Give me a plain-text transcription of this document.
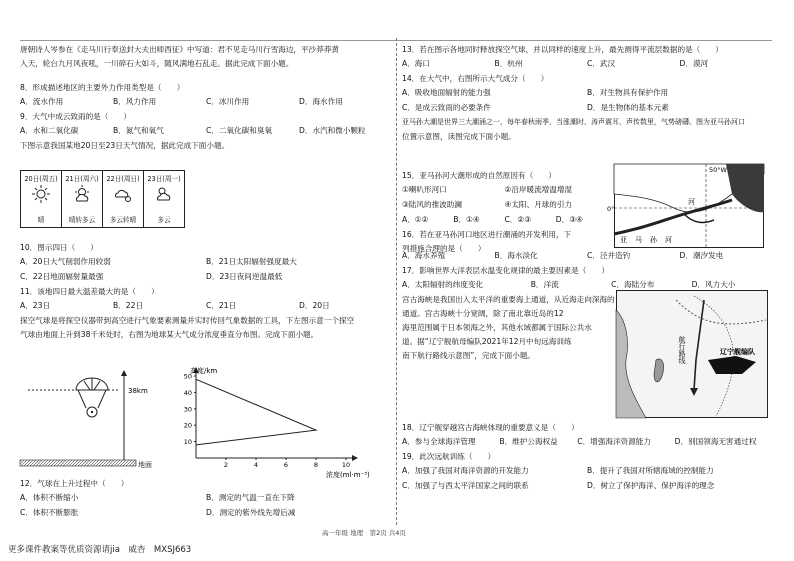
唐朝诗人岑参在《走马川行奉送封大夫出师西征》中写道：君不见走马川行雪海边，平沙莽莽黄

入天，轮台九月风夜吼，一川碎石大如斗，随风满地石乱走。据此完成下面小题。

8．形成描述地区的主要外力作用类型是（　　）

A．流水作用	B．风力作用	C．冰川作用	D．海水作用

9．大气中成云致雨的是（　　）

A．水和二氧化碳	B．氮气和氧气	C．二氧化碳和臭氧	D．水汽和微小颗粒

下图示意我国某地20日至23日天气情况，据此完成下面小题。

20日(周五)
晴
21日(周六)
晴转多云
22日(周日)
多云转晴
23日(周一)
多云

10．图示四日（　　）

A．20日大气削弱作用较弱	B．21日太阳辐射强度最大
C．22日地面辐射量最强	D．23日夜间逆温最低

11．该地四日最大温差最大的是（　　）

A．23日	B．22日	C．21日	D．20日

探空气球是将探空仪器带到高空进行气象要素测量并实时传回气象数据的工具，下左图示意一个探空

气球由地面上升到38千米处时，右图为地球某大气成分浓度垂直分布图。完成下面小题。

38km
地面
10
20
30
40
50
2	4	6	8	10
高度/km
浓度(ml·m⁻³)

12．气球在上升过程中（　　）

A．体积不断缩小	B．测定的气温一直在下降
C．体积不断膨胀	D．测定的紫外线先增后减

13．若在图示各地同时释放探空气球，并以同样的速度上升，最先测得平流层数据的是（　　）

A．海口	B．杭州	C．武汉	D．漠河

14．在大气中，右图所示大气成分（　　）

A．吸收地面辐射的能力强	B．对生物具有保护作用
C．是成云致雨的必要条件	D．是生物体的基本元素

亚马孙大潮是世界三大潮涌之一，每年春秋雨季，当涨潮时，涛声震耳，声传数里，气势磅礴。图为亚马孙河口

位置示意图，读图完成下面小题。

15．亚马孙河大潮形成的自然原因有（　　）

①喇叭形河口	②沿岸暖流增温增湿
③陆风的推波助澜	④太阳、月球的引力
A．①②	B．①④	C．②③	D．③④

16．若在亚马孙河口地区进行潮涌的开发利用，下

列措施合理的是（　　）

50°W
0°
亚马孙河
河
A．海水养殖	B．海水淡化	C．泾井造钓	D．潮汐发电

17．影响世界大洋表层水温变化规律的最主要因素是（　　）

A．太阳辐射的纬度变化	B．洋流	C．海陆分布	D．风力大小

宫古海峡是我国出入太平洋的重要海上通道，从近海走向深海的

通道。宫古海峡十分宽阔，除了南北靠近岛的12

海里范围属于日本领海之外，其他水域都属于国际公共水

道。据“辽宁舰航母编队2021年12月中旬远海训练

南下航行路线示意图”，完成下面小题。	辽宁舰编队
航行路线

18．辽宁舰穿越宫古海峡体现的重要意义是（　　）

A．参与全球海洋管理	B．维护公海权益	C．增强海洋资源能力	D．别国领海无害通过权

19．此次远航训练（　　）

A．加强了我国对海洋资源的开发能力	B．提升了我国对所辖海域的控制能力
C．加强了与西太平洋国家之间的联系	D．树立了保护海洋、保护海洋的理念
高一年级 地理　第2页 共4页
更多课件教案等优质资源请jia　威杏　MXSJ663
